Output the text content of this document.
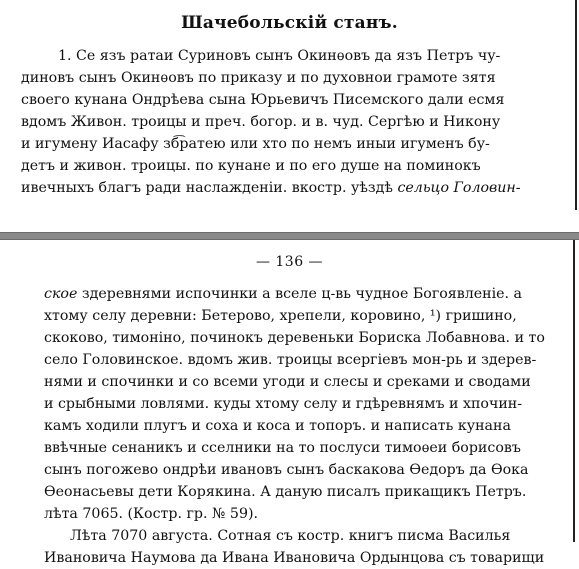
Шачебольскiй станъ.
1. Се язъ ратаи Суриновъ сынъ Окинѳовъ да язъ Петръ чу-
диновъ сынъ Окинѳовъ по приказу и по духовнои грамоте зятя
своего кунана Ондрѣева сына Юрьевичъ Писемского дали есмя
вдомъ Живон. троицы и преч. богор. и в. чуд. Сергѣю и Никону
и игумену Иасафу зб͡ратею или хто по немъ иныи игуменъ бу-
детъ и живон. троицы. по кунане и по его душе на поминокъ
ивечныхъ благъ ради наслажденiи. вкостр. уѣздѣ сельцо Головин-
— 136 —
ское здеревнями испочинки а вселе ц-вь чудное Богоявленiе. а
хтому селу деревни: Бетерово, хрепели, коровино, ¹) гришино,
скоково, тимонiно, починокъ деревеньки Бориска Лобавнова. и то
село Головинское. вдомъ жив. троицы всергiевъ мон-рь и здерев-
нями и спочинки и со всеми угоди и слесы и среками и сводами
и срыбными ловлями. куды хтому селу и гдѣревнямъ и хпочин-
камъ ходили плугъ и соха и коса и топоръ. и написать кунана
ввѣчные сенаникъ и сселники на то послуси тимоѳеи борисовъ
сынъ погожево ондрѣи ивановъ сынъ баскакова Ѳедоръ да Ѳока
Ѳеонасьевы дети Корякина. А данyю писалъ прикащикъ Петръ.
лѣта 7065. (Костр. гр. № 59).
Лѣта 7070 августа. Сотная съ костр. книгъ писма Василья
Ивановича Наумова да Ивана Ивановича Ордынцова съ товарищи
